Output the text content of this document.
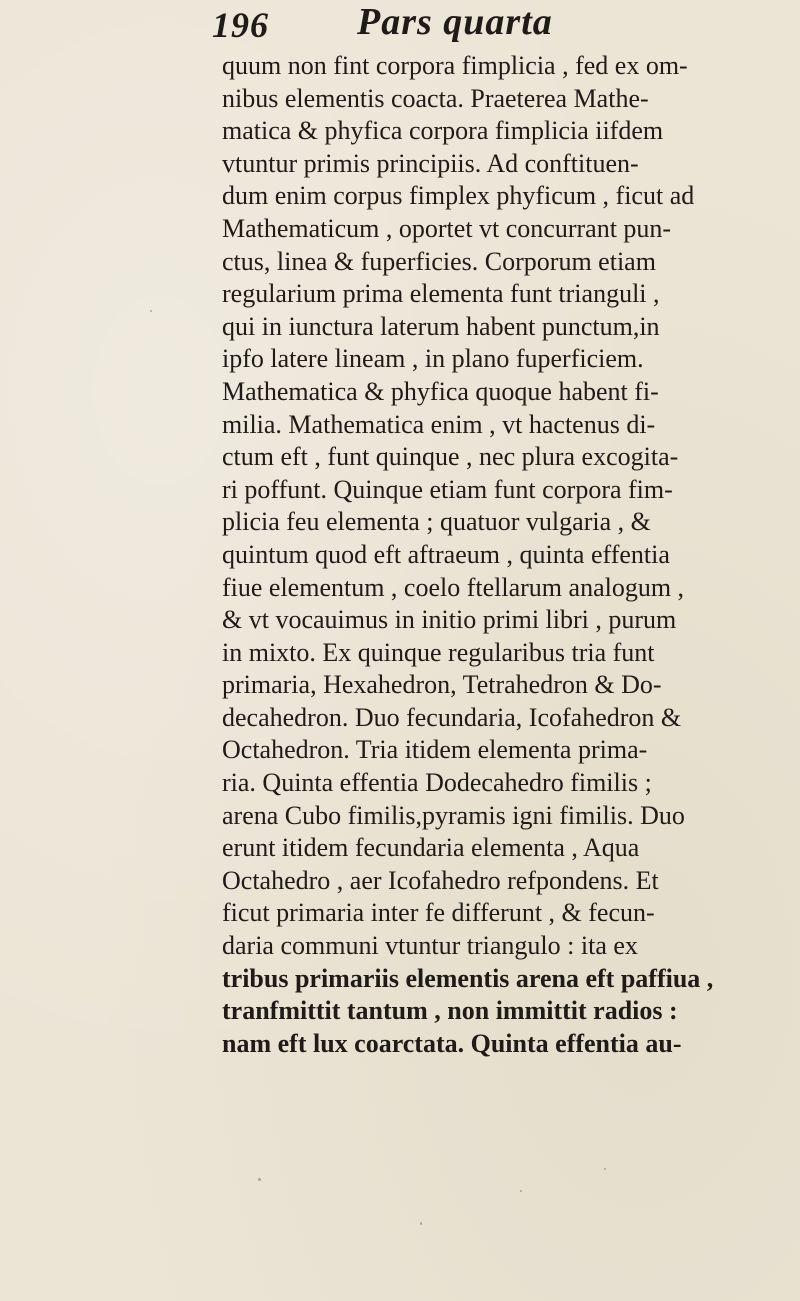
196 Pars quarta
quum non fint corpora fimplicia , fed ex om-
nibus elementis coacta. Praeterea Mathe-
matica & phyfica corpora fimplicia iifdem
vtuntur primis principiis. Ad conftituen-
dum enim corpus fimplex phyficum , ficut ad
Mathematicum , oportet vt concurrant pun-
ctus, linea & fuperficies. Corporum etiam
regularium prima elementa funt trianguli ,
qui in iunctura laterum habent punctum,in
ipfo latere lineam , in plano fuperficiem.
Mathematica & phyfica quoque habent fi-
milia. Mathematica enim , vt hactenus di-
ctum eft , funt quinque , nec plura excogita-
ri poffunt. Quinque etiam funt corpora fim-
plicia feu elementa ; quatuor vulgaria , &
quintum quod eft aftraeum , quinta effentia
fiue elementum , coelo ftellarum analogum ,
& vt vocauimus in initio primi libri , purum
in mixto. Ex quinque regularibus tria funt
primaria, Hexahedron, Tetrahedron & Do-
decahedron. Duo fecundaria, Icofahedron &
Octahedron. Tria itidem elementa prima-
ria. Quinta effentia Dodecahedro fimilis ;
arena Cubo fimilis,pyramis igni fimilis. Duo
erunt itidem fecundaria elementa , Aqua
Octahedro , aer Icofahedro refpondens. Et
ficut primaria inter fe differunt , & fecun-
daria communi vtuntur triangulo : ita ex
tribus primariis elementis arena eft paffiua ,
tranfmittit tantum , non immittit radios :
nam eft lux coarctata. Quinta effentia au-
